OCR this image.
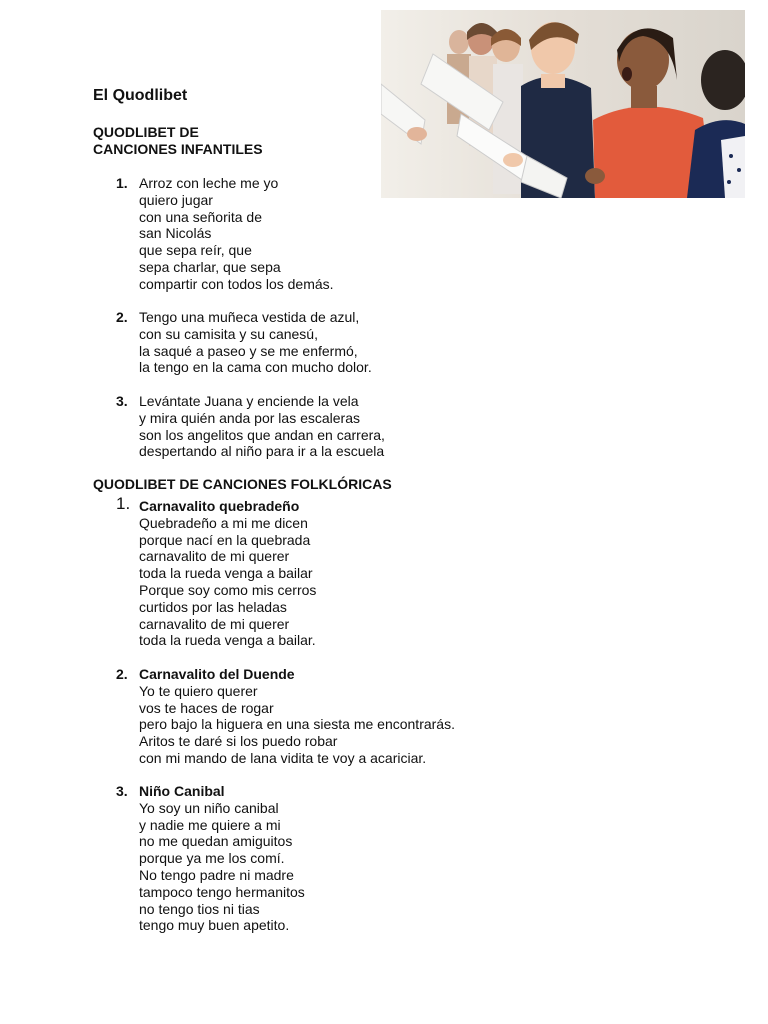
El Quodlibet
QUODLIBET DE
CANCIONES INFANTILES
1. Arroz con leche me yo
quiero jugar
con una señorita de
san Nicolás
que sepa reír, que
sepa charlar, que sepa
compartir con todos los demás.
2. Tengo una muñeca vestida de azul,
con su camisita y su canesú,
la saqué a paseo y se me enfermó,
la tengo en la cama con mucho dolor.
3. Levántate Juana y enciende la vela
y mira quién anda por las escaleras
son los angelitos que andan en carrera,
despertando al niño para ir a la escuela
QUODLIBET DE CANCIONES FOLKLÓRICAS
1. Carnavalito quebradeño
Quebradeño a mi me dicen
porque nací en la quebrada
carnavalito de mi querer
toda la rueda venga a bailar
Porque soy como mis cerros
curtidos por las heladas
carnavalito de mi querer
toda la rueda venga a bailar.
2. Carnavalito del Duende
Yo te quiero querer
vos te haces de rogar
pero bajo la higuera en una siesta me encontrarás.
Aritos te daré si los puedo robar
con mi mando de lana vidita te voy a acariciar.
3. Niño Canibal
Yo soy un niño canibal
y nadie me quiere a mi
no me quedan amiguitos
porque ya me los comí.
No tengo padre ni madre
tampoco tengo hermanitos
no tengo tios ni tias
tengo muy buen apetito.
